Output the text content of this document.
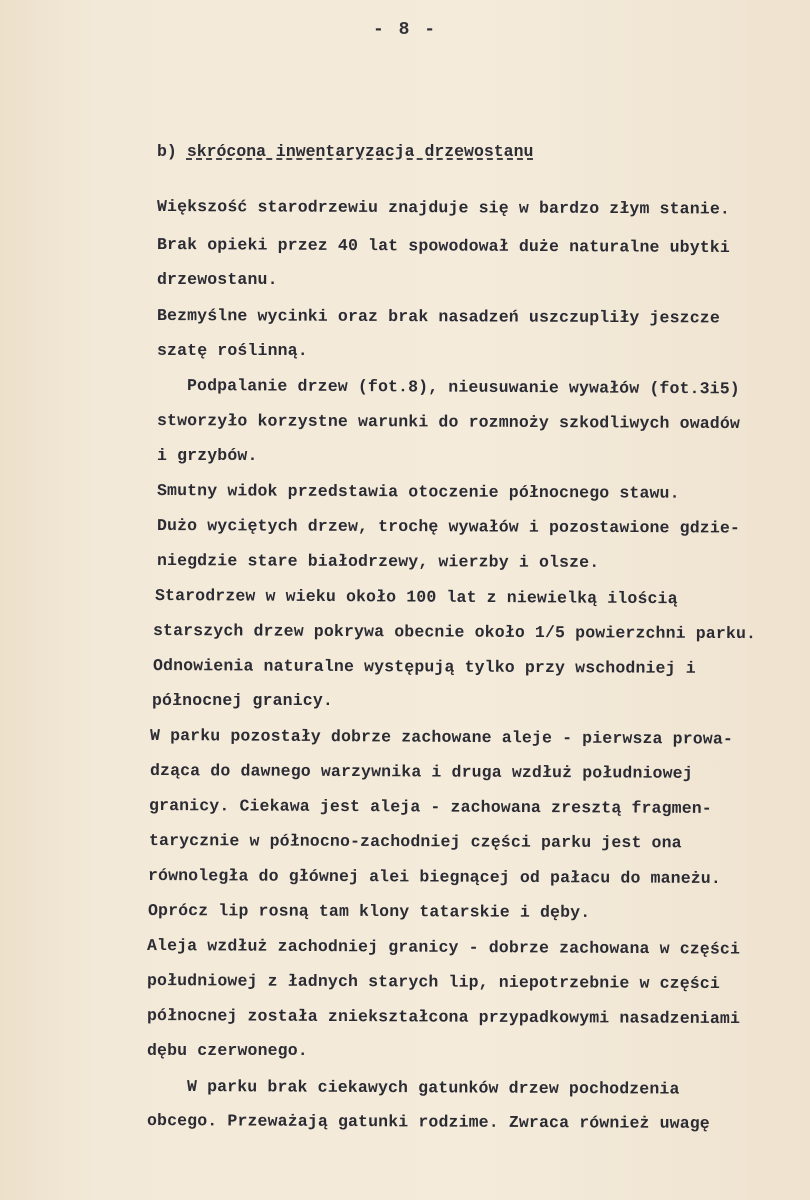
- 8 -
b) skrócona inwentaryzacja drzewostanu
Większość starodrzewiu znajduje się w bardzo złym stanie.
Brak opieki przez 40 lat spowodował duże naturalne ubytki
drzewostanu.
Bezmyślne wycinki oraz brak nasadzeń uszczupliły jeszcze
szatę roślinną.
Podpalanie drzew (fot.8), nieusuwanie wywałów (fot.3i5)
stworzyło korzystne warunki do rozmnoży szkodliwych owadów
i grzybów.
Smutny widok przedstawia otoczenie północnego stawu.
Dużo wyciętych drzew, trochę wywałów i pozostawione gdzie-
niegdzie stare białodrzewy, wierzby i olsze.
Starodrzew w wieku około 100 lat z niewielką ilością
starszych drzew pokrywa obecnie około 1/5 powierzchni parku.
Odnowienia naturalne występują tylko przy wschodniej i
północnej granicy.
W parku pozostały dobrze zachowane aleje - pierwsza prowa-
dząca do dawnego warzywnika i druga wzdłuż południowej
granicy. Ciekawa jest aleja - zachowana zresztą fragmen-
tarycznie w północno-zachodniej części parku jest ona
równoległa do głównej alei biegnącej od pałacu do maneżu.
Oprócz lip rosną tam klony tatarskie i dęby.
Aleja wzdłuż zachodniej granicy - dobrze zachowana w części
południowej z ładnych starych lip, niepotrzebnie w części
północnej została zniekształcona przypadkowymi nasadzeniami
dębu czerwonego.
W parku brak ciekawych gatunków drzew pochodzenia
obcego. Przeważają gatunki rodzime. Zwraca również uwagę
